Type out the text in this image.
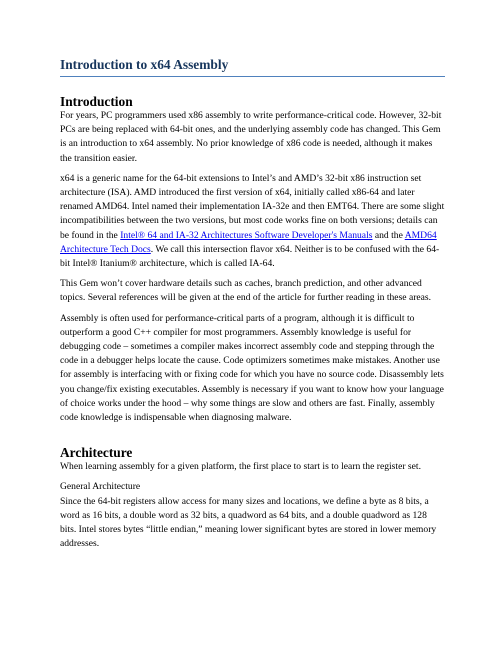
Introduction to x64 Assembly
Introduction

For years, PC programmers used x86 assembly to write performance-critical code. However, 32-bit PCs are being replaced with 64-bit ones, and the underlying assembly code has changed. This Gem is an introduction to x64 assembly. No prior knowledge of x86 code is needed, although it makes the transition easier.

x64 is a generic name for the 64-bit extensions to Intel’s and AMD’s 32-bit x86 instruction set architecture (ISA). AMD introduced the first version of x64, initially called x86-64 and later renamed AMD64. Intel named their implementation IA-32e and then EMT64. There are some slight incompatibilities between the two versions, but most code works fine on both versions; details can be found in the Intel® 64 and IA-32 Architectures Software Developer's Manuals and the AMD64 Architecture Tech Docs. We call this intersection flavor x64. Neither is to be confused with the 64-bit Intel® Itanium® architecture, which is called IA-64.

This Gem won’t cover hardware details such as caches, branch prediction, and other advanced topics. Several references will be given at the end of the article for further reading in these areas.

Assembly is often used for performance-critical parts of a program, although it is difficult to outperform a good C++ compiler for most programmers. Assembly knowledge is useful for debugging code – sometimes a compiler makes incorrect assembly code and stepping through the code in a debugger helps locate the cause. Code optimizers sometimes make mistakes. Another use for assembly is interfacing with or fixing code for which you have no source code. Disassembly lets you change/fix existing executables. Assembly is necessary if you want to know how your language of choice works under the hood – why some things are slow and others are fast. Finally, assembly code knowledge is indispensable when diagnosing malware.

Architecture

When learning assembly for a given platform, the first place to start is to learn the register set.

General Architecture

Since the 64-bit registers allow access for many sizes and locations, we define a byte as 8 bits, a word as 16 bits, a double word as 32 bits, a quadword as 64 bits, and a double quadword as 128 bits. Intel stores bytes “little endian,” meaning lower significant bytes are stored in lower memory addresses.
